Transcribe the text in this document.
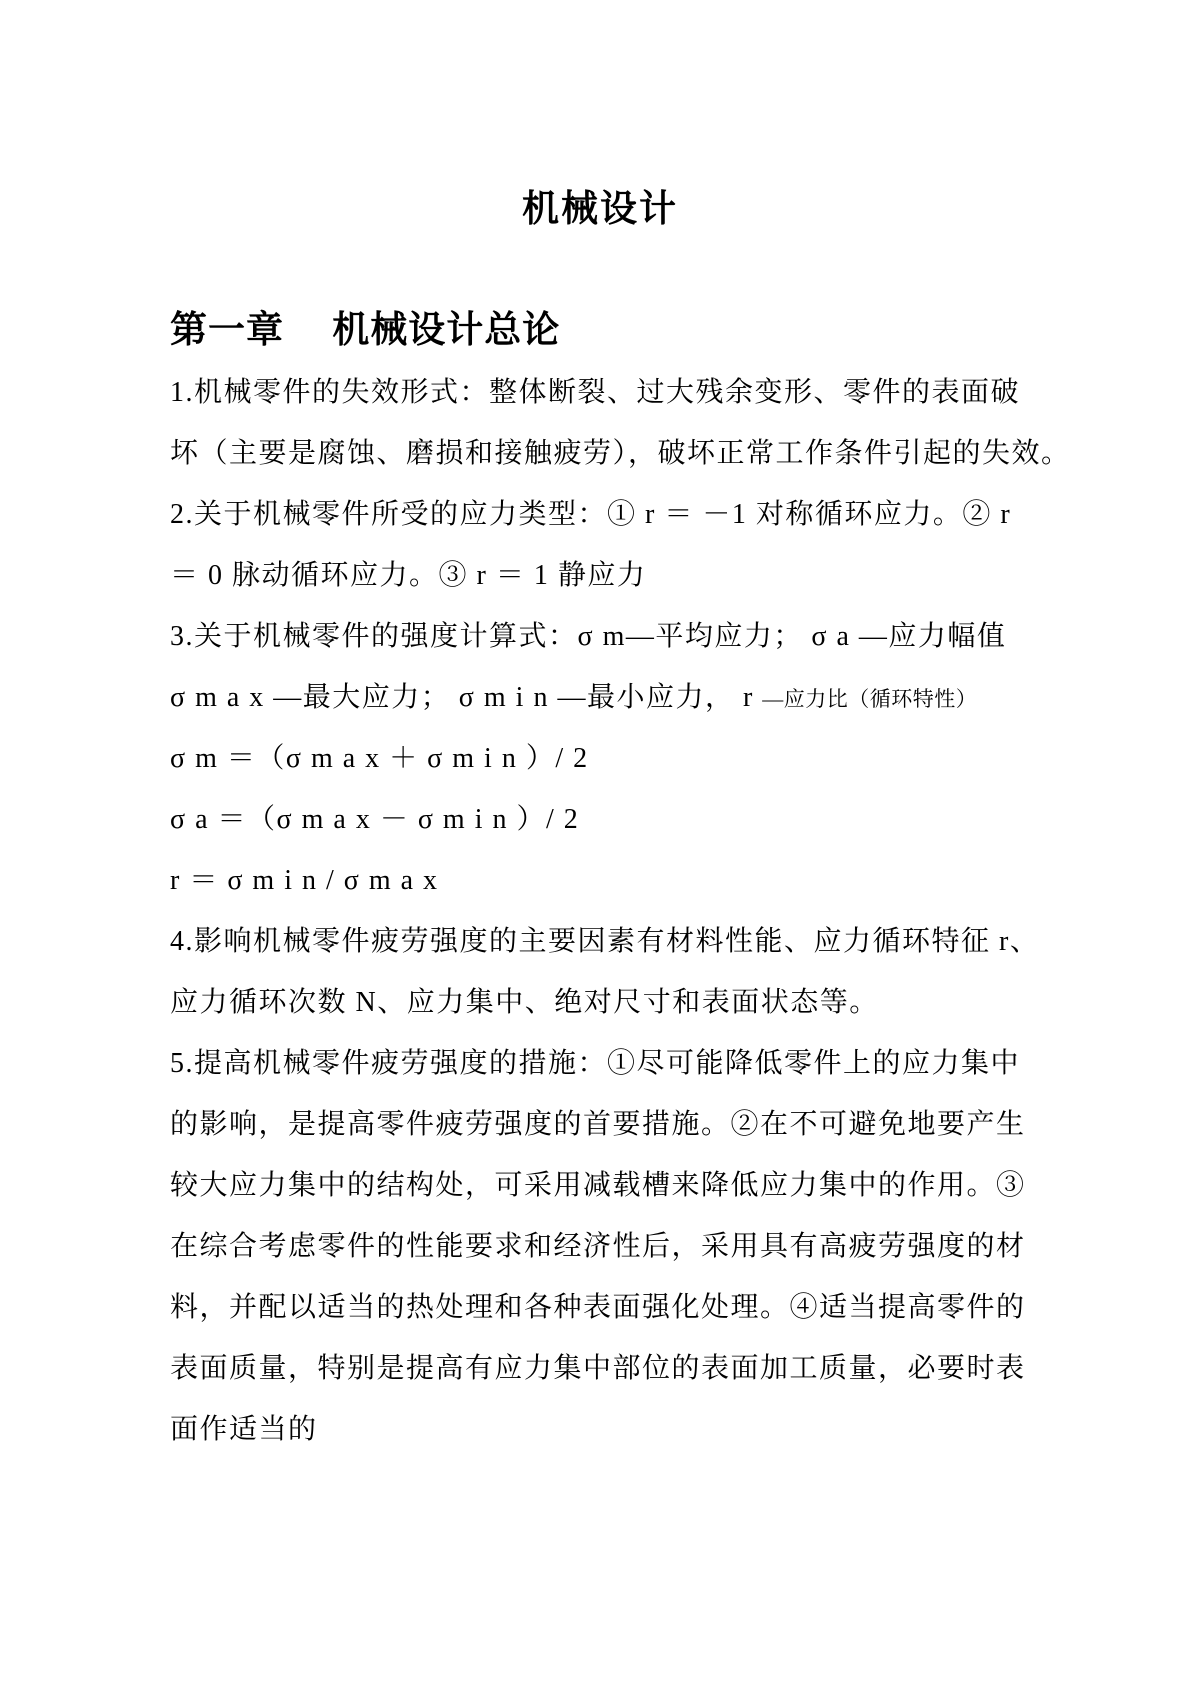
机械设计
第一章　 机械设计总论

1.机械零件的失效形式：整体断裂、过大残余变形、零件的表面破

坏（主要是腐蚀、磨损和接触疲劳），破坏正常工作条件引起的失效。

2.关于机械零件所受的应力类型：① r ＝ －1 对称循环应力。② r

＝ 0 脉动循环应力。③ r ＝ 1 静应力

3.关于机械零件的强度计算式：σ m—平均应力； σ a —应力幅值

σ m a x —最大应力； σ m i n —最小应力， r —应力比（循环特性）

σ m ＝（σ m a x ＋ σ m i n ）/ 2

σ a ＝（σ m a x － σ m i n ）/ 2

r ＝ σ m i n / σ m a x

4.影响机械零件疲劳强度的主要因素有材料性能、应力循环特征 r、

应力循环次数 N、应力集中、绝对尺寸和表面状态等。

5.提高机械零件疲劳强度的措施：①尽可能降低零件上的应力集中

的影响，是提高零件疲劳强度的首要措施。②在不可避免地要产生

较大应力集中的结构处，可采用减载槽来降低应力集中的作用。③

在综合考虑零件的性能要求和经济性后，采用具有高疲劳强度的材

料，并配以适当的热处理和各种表面强化处理。④适当提高零件的

表面质量，特别是提高有应力集中部位的表面加工质量，必要时表

面作适当的
